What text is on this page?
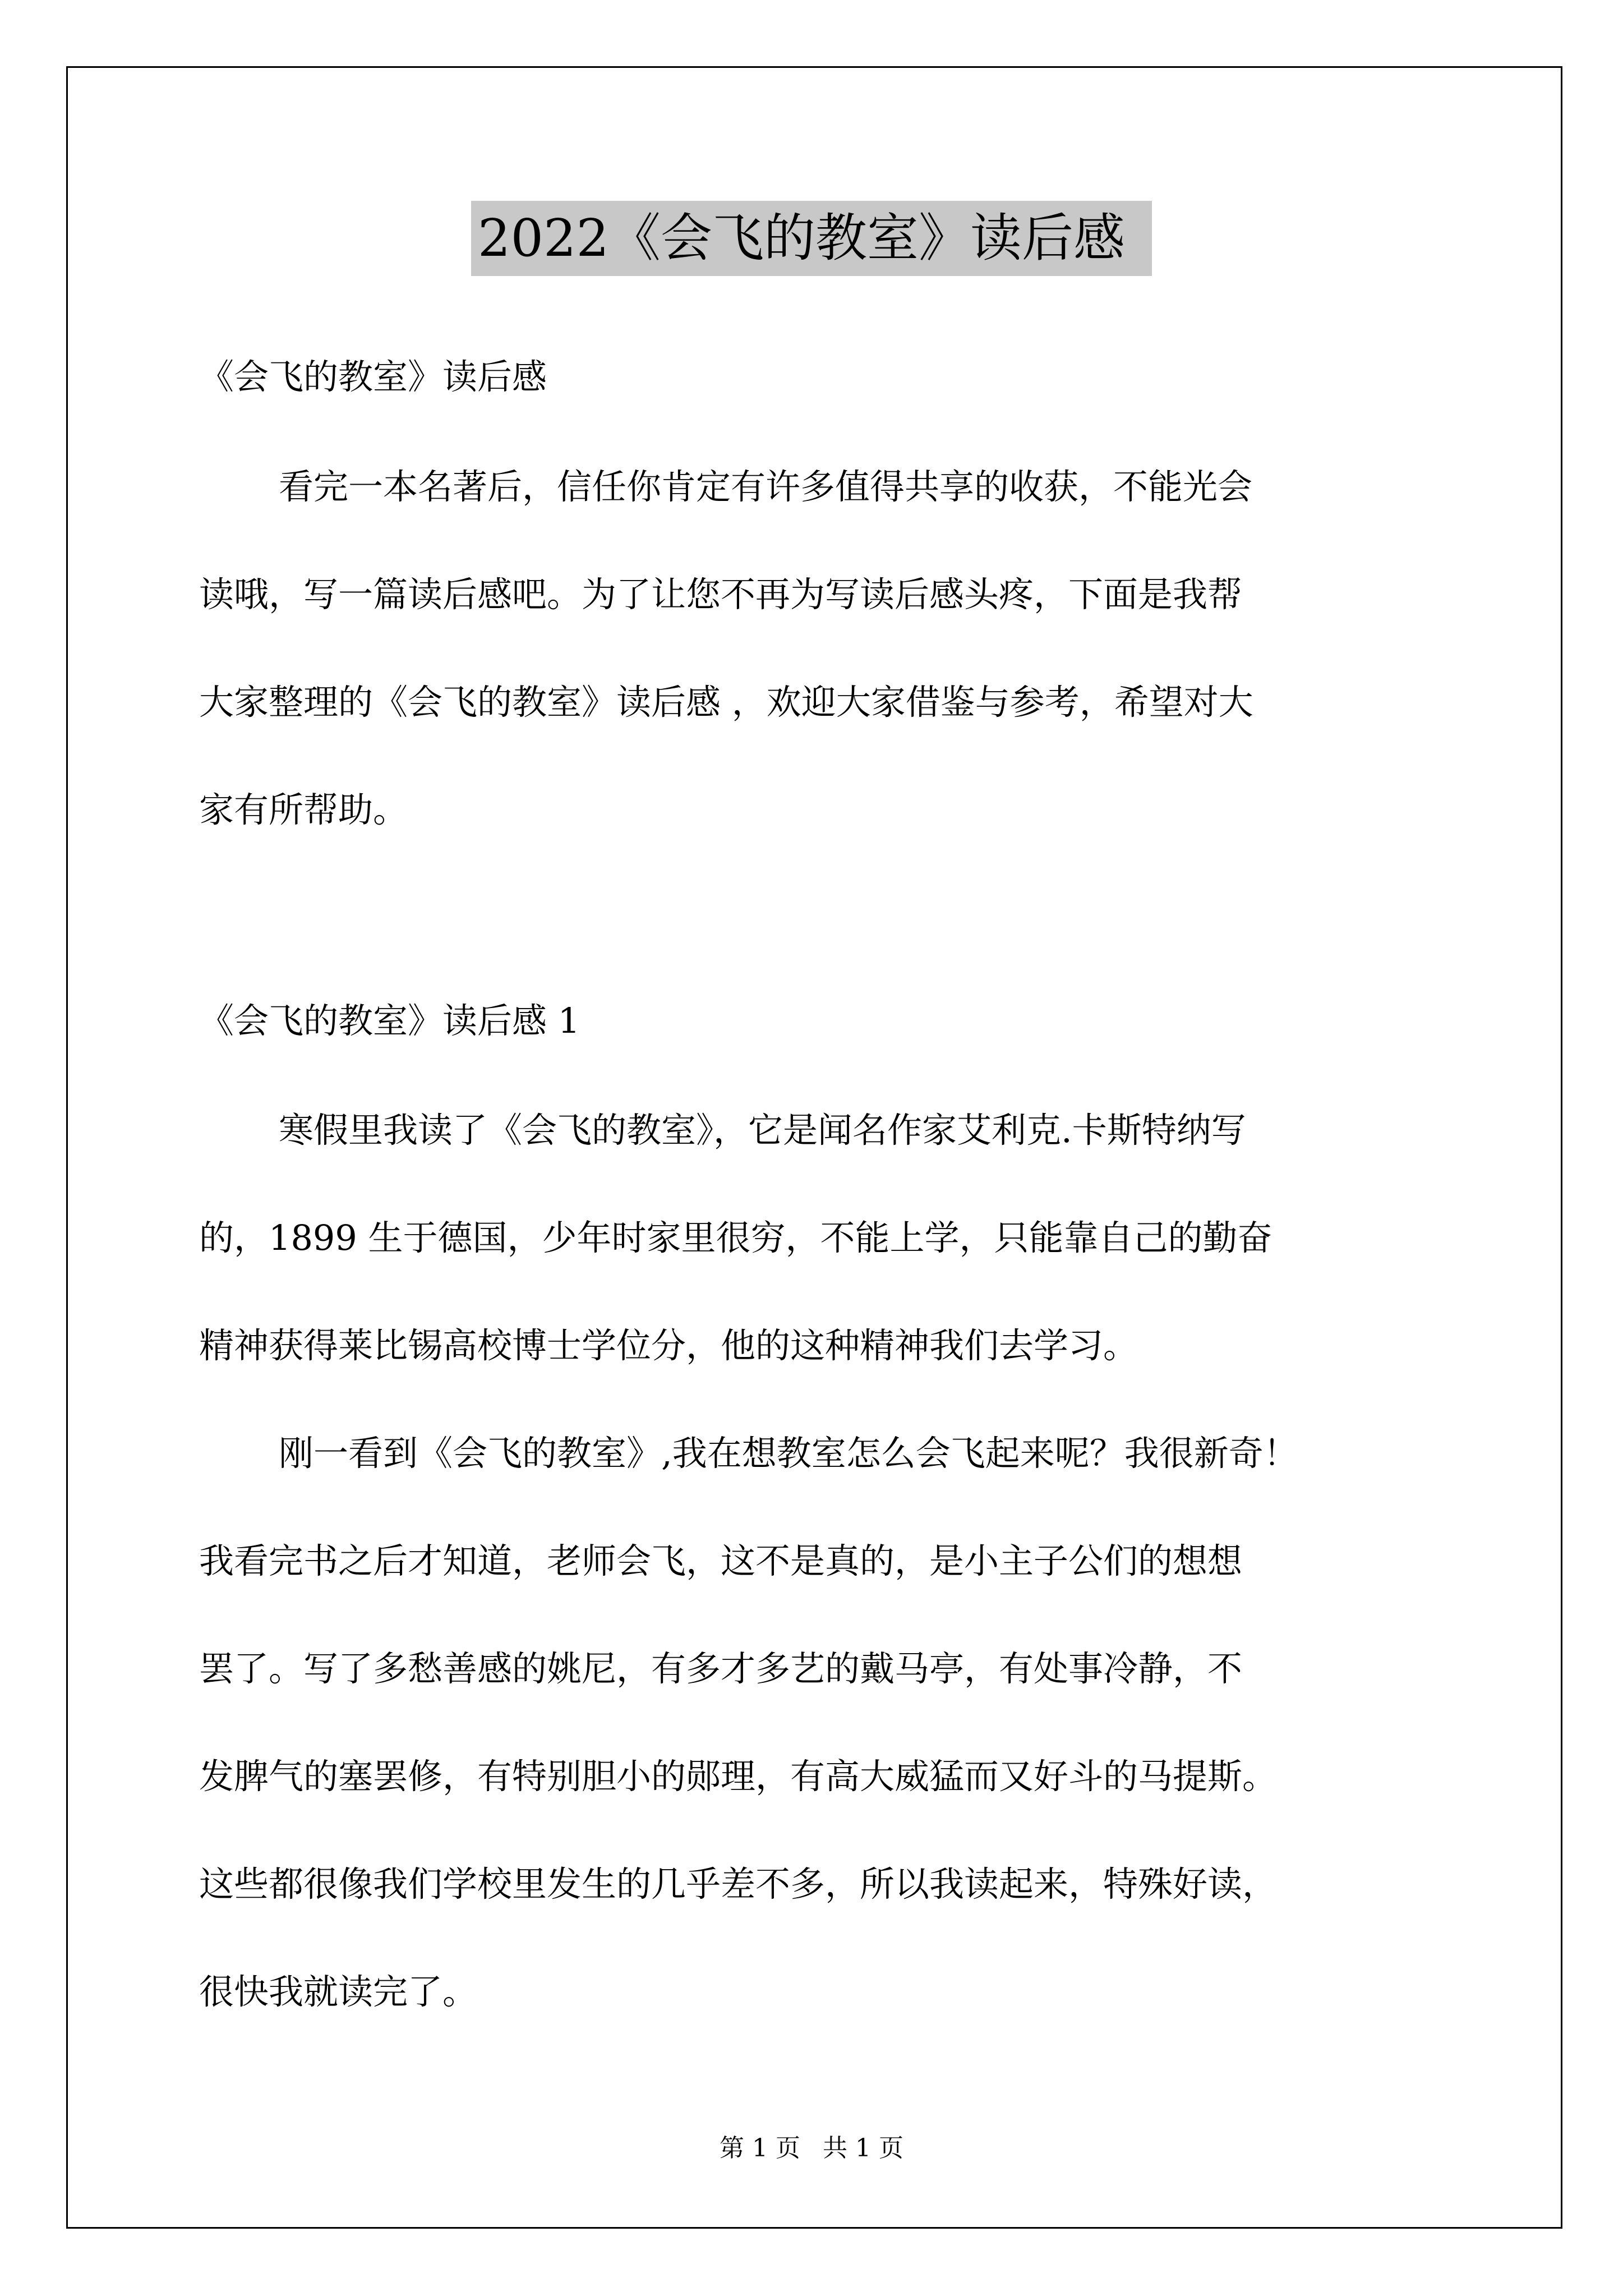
2022《会飞的教室》读后感
《会飞的教室》读后感
看完一本名著后，信任你肯定有许多值得共享的收获，不能光会
读哦，写一篇读后感吧。为了让您不再为写读后感头疼，下面是我帮
大家整理的《会飞的教室》读后感 ，欢迎大家借鉴与参考，希望对大
家有所帮助。
《会飞的教室》读后感 1
寒假里我读了《会飞的教室》，它是闻名作家艾利克.卡斯特纳写
的，1899 生于德国，少年时家里很穷，不能上学，只能靠自己的勤奋
精神获得莱比锡高校博士学位分，他的这种精神我们去学习。
刚一看到《会飞的教室》,我在想教室怎么会飞起来呢？我很新奇！
我看完书之后才知道，老师会飞，这不是真的，是小主子公们的想想
罢了。写了多愁善感的姚尼，有多才多艺的戴马亭，有处事冷静，不
发脾气的塞罢修，有特别胆小的郧理，有高大威猛而又好斗的马提斯。
这些都很像我们学校里发生的几乎差不多，所以我读起来，特殊好读，
很快我就读完了。
第 1 页 共 1 页
